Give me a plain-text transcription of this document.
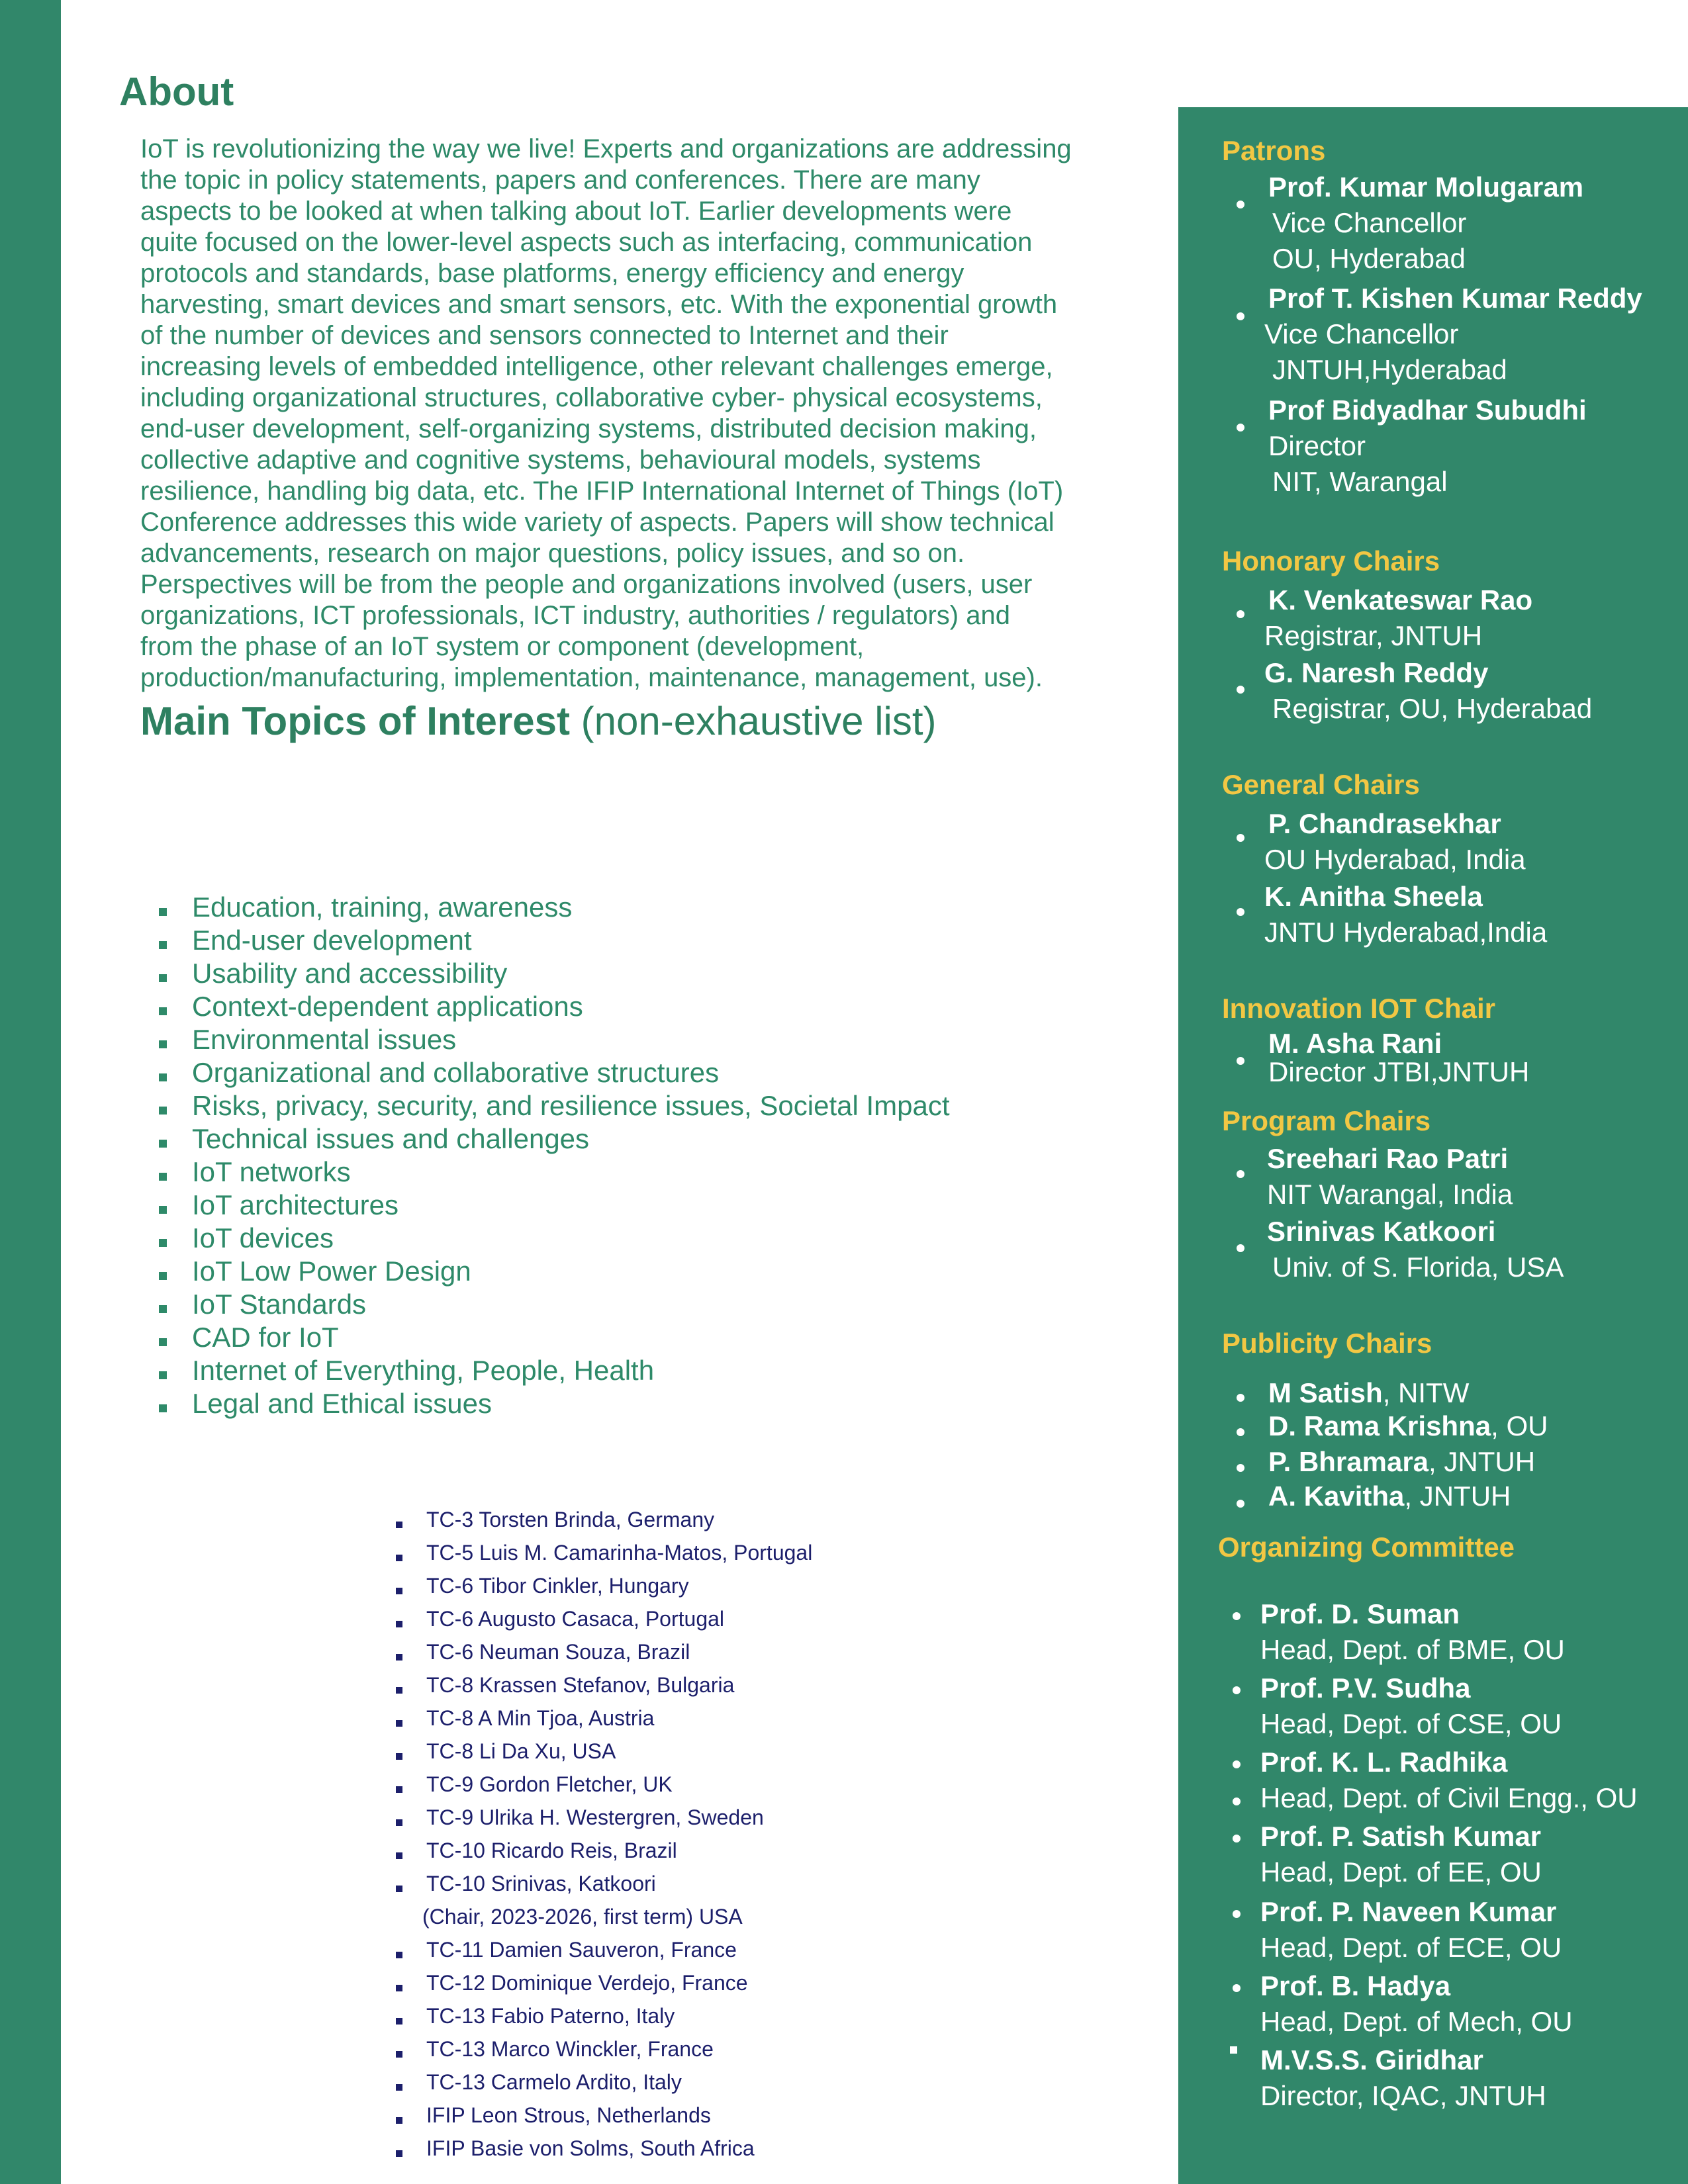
About
IoT is revolutionizing the way we live! Experts and organizations are addressing
the topic in policy statements, papers and conferences. There are many
aspects to be looked at when talking about IoT. Earlier developments were
quite focused on the lower-level aspects such as interfacing, communication
protocols and standards, base platforms, energy efficiency and energy
harvesting, smart devices and smart sensors, etc. With the exponential growth
of the number of devices and sensors connected to Internet and their
increasing levels of embedded intelligence, other relevant challenges emerge,
including organizational structures, collaborative cyber- physical ecosystems,
end-user development, self-organizing systems, distributed decision making,
collective adaptive and cognitive systems, behavioural models, systems
resilience, handling big data, etc. The IFIP International Internet of Things (IoT)
Conference addresses this wide variety of aspects. Papers will show technical
advancements, research on major questions, policy issues, and so on.
Perspectives will be from the people and organizations involved (users, user
organizations, ICT professionals, ICT industry, authorities / regulators) and
from the phase of an IoT system or component (development,
production/manufacturing, implementation, maintenance, management, use).
Main Topics of Interest (non-exhaustive list)
Education, training, awareness
End-user development
Usability and accessibility
Context-dependent applications
Environmental issues
Organizational and collaborative structures
Risks, privacy, security, and resilience issues, Societal Impact
Technical issues and challenges
IoT networks
IoT architectures
IoT devices
IoT Low Power Design
IoT Standards
CAD for IoT
Internet of Everything, People, Health
Legal and Ethical issues
TC-3 Torsten Brinda, Germany
TC-5 Luis M. Camarinha-Matos, Portugal
TC-6 Tibor Cinkler, Hungary
TC-6 Augusto Casaca, Portugal
TC-6 Neuman Souza, Brazil
TC-8 Krassen Stefanov, Bulgaria
TC-8 A Min Tjoa, Austria
TC-8 Li Da Xu, USA
TC-9 Gordon Fletcher, UK
TC-9 Ulrika H. Westergren, Sweden
TC-10 Ricardo Reis, Brazil
TC-10 Srinivas, Katkoori
(Chair, 2023-2026, first term) USA
TC-11 Damien Sauveron, France
TC-12 Dominique Verdejo, France
TC-13 Fabio Paterno, Italy
TC-13 Marco Winckler, France
TC-13 Carmelo Ardito, Italy
IFIP Leon Strous, Netherlands
IFIP Basie von Solms, South Africa
Patrons
Prof. Kumar Molugaram
Vice Chancellor
OU, Hyderabad
Prof T. Kishen Kumar Reddy
Vice Chancellor
JNTUH,Hyderabad
Prof Bidyadhar Subudhi
Director
NIT, Warangal
Honorary Chairs
K. Venkateswar Rao
Registrar, JNTUH
G. Naresh Reddy
Registrar, OU, Hyderabad
General Chairs
P. Chandrasekhar
OU Hyderabad, India
K. Anitha Sheela
JNTU Hyderabad,India
Innovation IOT Chair
M. Asha Rani
Director JTBI,JNTUH
Program Chairs
Sreehari Rao Patri
NIT Warangal, India
Srinivas Katkoori
Univ. of S. Florida, USA
Publicity Chairs
M Satish, NITW
D. Rama Krishna, OU
P. Bhramara, JNTUH
A. Kavitha, JNTUH
Organizing Committee
Prof. D. Suman
Head, Dept. of BME, OU
Prof. P.V. Sudha
Head, Dept. of CSE, OU
Prof. K. L. Radhika
Head, Dept. of Civil Engg., OU
Prof. P. Satish Kumar
Head, Dept. of EE, OU
Prof. P. Naveen Kumar
Head, Dept. of ECE, OU
Prof. B. Hadya
Head, Dept. of Mech, OU
M.V.S.S. Giridhar
Director, IQAC, JNTUH
